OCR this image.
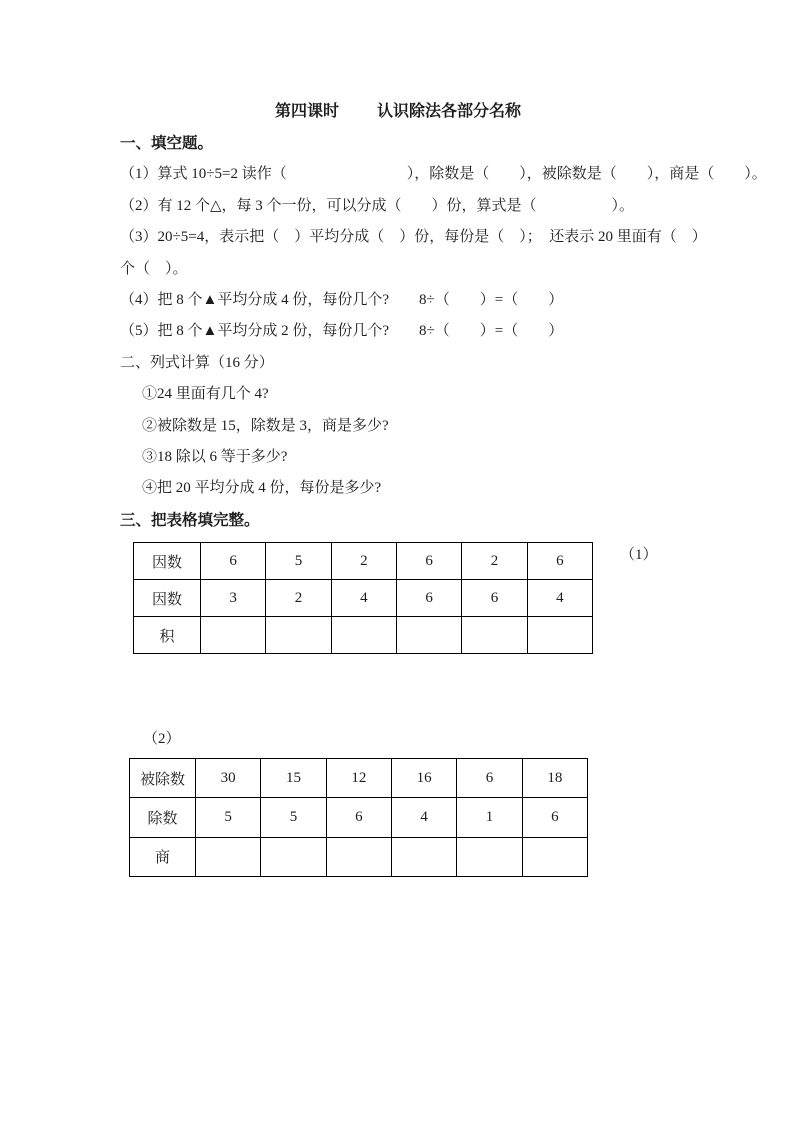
第四课时 认识除法各部分名称
一、填空题。
（1）算式 10÷5=2 读作（　　　　　　　　），除数是（　　），被除数是（　　），商是（　　）。
（2）有 12 个△，每 3 个一份，可以分成（　　）份，算式是（　　　　　）。
（3）20÷5=4，表示把（　）平均分成（　）份，每份是（　）；　还表示 20 里面有（　）
个（　）。
（4）把 8 个▲平均分成 4 份，每份几个?　　8÷（　　）=（　　）
（5）把 8 个▲平均分成 2 份，每份几个?　　8÷（　　）=（　　）
二、列式计算（16 分）
①24 里面有几个 4?
②被除数是 15，除数是 3，商是多少?
③18 除以 6 等于多少?
④把 20 平均分成 4 份，每份是多少?
三、把表格填完整。
因数	6	5	2	6	2	6
因数	3	2	4	6	6	4
积						
（1）
（2）
被除数	30	15	12	16	6	18
除数	5	5	6	4	1	6
商						
